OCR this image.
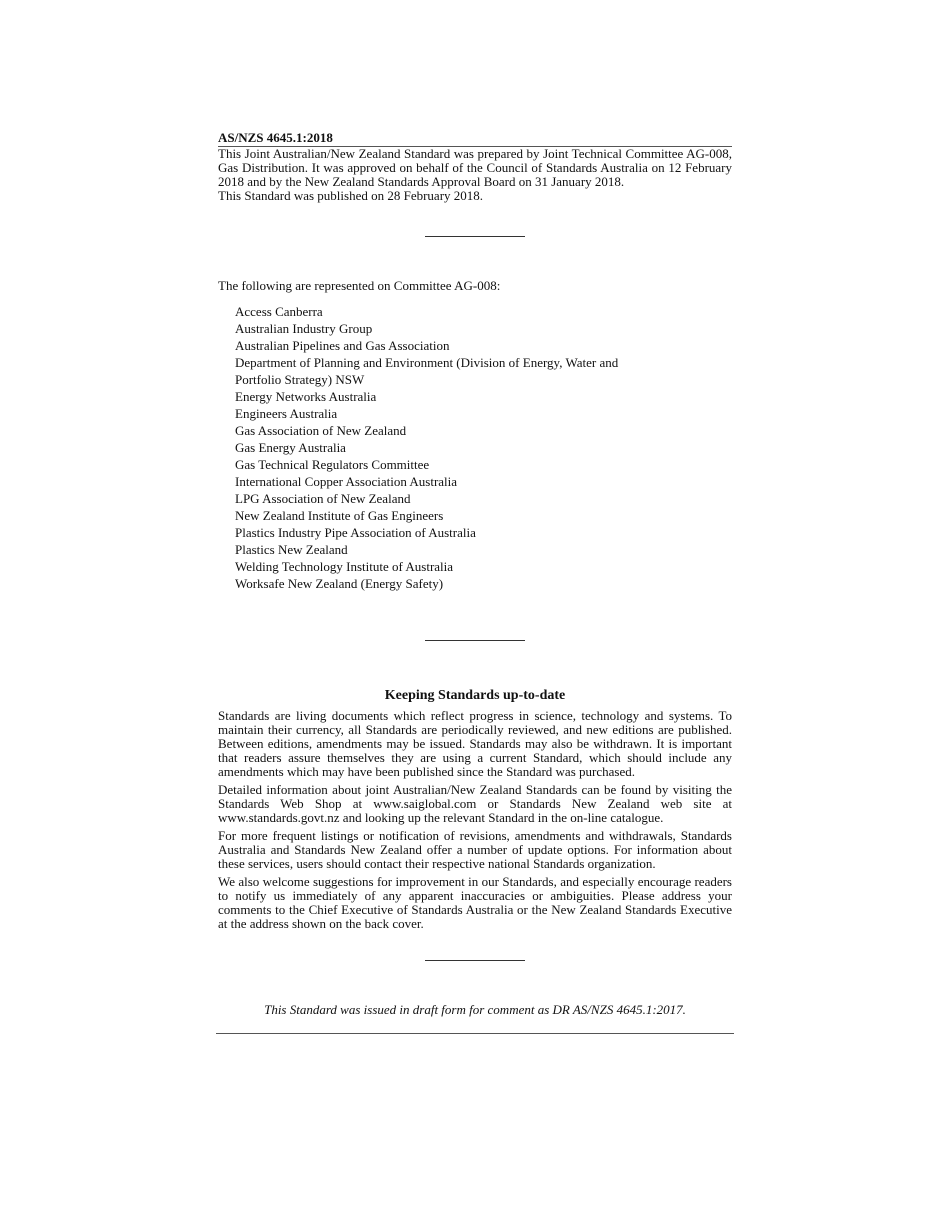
AS/NZS 4645.1:2018

This Joint Australian/New Zealand Standard was prepared by Joint Technical Committee AG-008, Gas Distribution. It was approved on behalf of the Council of Standards Australia on 12 February 2018 and by the New Zealand Standards Approval Board on 31 January 2018.

This Standard was published on 28 February 2018.

The following are represented on Committee AG-008:

Access Canberra
Australian Industry Group
Australian Pipelines and Gas Association
Department of Planning and Environment (Division of Energy, Water and
Portfolio Strategy) NSW
Energy Networks Australia
Engineers Australia
Gas Association of New Zealand
Gas Energy Australia
Gas Technical Regulators Committee
International Copper Association Australia
LPG Association of New Zealand
New Zealand Institute of Gas Engineers
Plastics Industry Pipe Association of Australia
Plastics New Zealand
Welding Technology Institute of Australia
Worksafe New Zealand (Energy Safety)
Keeping Standards up-to-date

Standards are living documents which reflect progress in science, technology and systems. To maintain their currency, all Standards are periodically reviewed, and new editions are published. Between editions, amendments may be issued. Standards may also be withdrawn. It is important that readers assure themselves they are using a current Standard, which should include any amendments which may have been published since the Standard was purchased.

Detailed information about joint Australian/New Zealand Standards can be found by visiting the Standards Web Shop at www.saiglobal.com or Standards New Zealand web site at www.standards.govt.nz and looking up the relevant Standard in the on-line catalogue.

For more frequent listings or notification of revisions, amendments and withdrawals, Standards Australia and Standards New Zealand offer a number of update options. For information about these services, users should contact their respective national Standards organization.

We also welcome suggestions for improvement in our Standards, and especially encourage readers to notify us immediately of any apparent inaccuracies or ambiguities. Please address your comments to the Chief Executive of Standards Australia or the New Zealand Standards Executive at the address shown on the back cover.

This Standard was issued in draft form for comment as DR AS/NZS 4645.1:2017.
